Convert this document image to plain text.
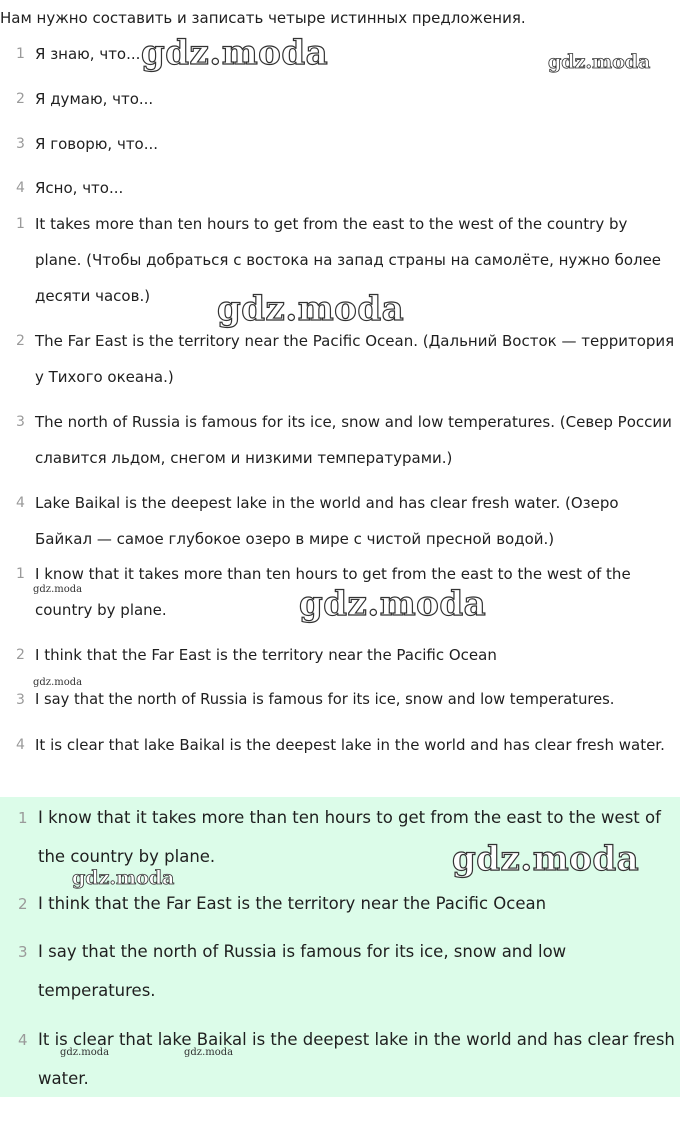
Нам нужно составить и записать четыре истинных предложения.
1 Я знаю, что...
2 Я думаю, что...
3 Я говорю, что...
4 Ясно, что...
1 It takes more than ten hours to get from the east to the west of the country by plane. (Чтобы добраться с востока на запад страны на самолёте, нужно более десяти часов.)
2 The Far East is the territory near the Pacific Ocean. (Дальний Восток — территория у Тихого океана.)
3 The north of Russia is famous for its ice, snow and low temperatures. (Север России славится льдом, снегом и низкими температурами.)
4 Lake Baikal is the deepest lake in the world and has clear fresh water. (Озеро Байкал — самое глубокое озеро в мире с чистой пресной водой.)
1 I know that it takes more than ten hours to get from the east to the west of the country by plane.
2 I think that the Far East is the territory near the Pacific Ocean
3 I say that the north of Russia is famous for its ice, snow and low temperatures.
4 It is clear that lake Baikal is the deepest lake in the world and has clear fresh water.
1 I know that it takes more than ten hours to get from the east to the west of the country by plane.
2 I think that the Far East is the territory near the Pacific Ocean
3 I say that the north of Russia is famous for its ice, snow and low temperatures.
4 It is clear that lake Baikal is the deepest lake in the world and has clear fresh water.
gdz.moda	gdz.moda
gdz.moda
gdz.moda	gdz.moda
gdz.moda
gdz.moda
gdz.moda
gdz.moda	gdz.moda
